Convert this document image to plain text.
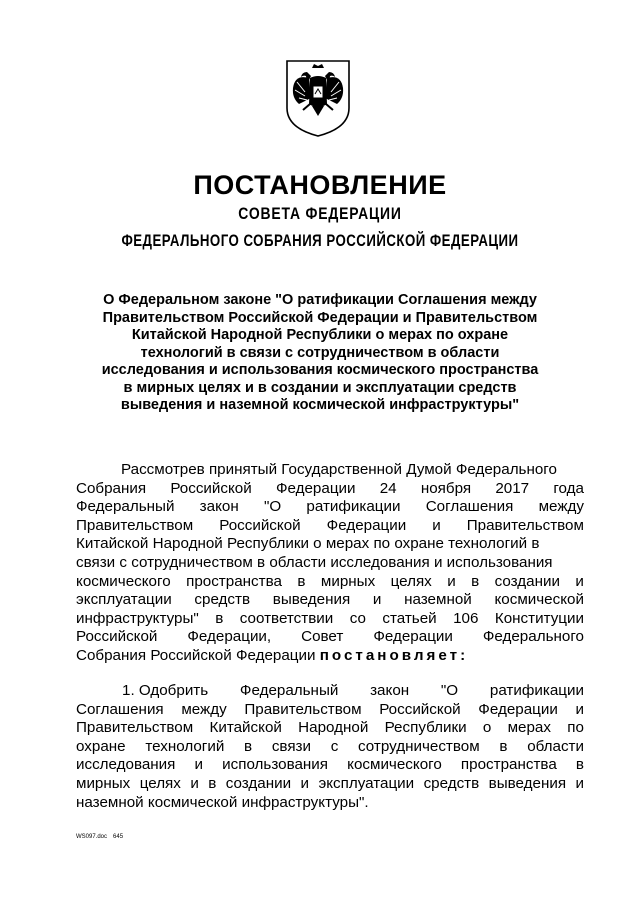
ПОСТАНОВЛЕНИЕ
СОВЕТА ФЕДЕРАЦИИ
ФЕДЕРАЛЬНОГО СОБРАНИЯ РОССИЙСКОЙ ФЕДЕРАЦИИ
О Федеральном законе "О ратификации Соглашения между
Правительством Российской Федерации и Правительством
Китайской Народной Республики о мерах по охране
технологий в связи с сотрудничеством в области
исследования и использования космического пространства
в мирных целях и в создании и эксплуатации средств
выведения и наземной космической инфраструктуры"
Рассмотрев принятый Государственной Думой Федерального
Собрания Российской Федерации 24 ноября 2017 года
Федеральный закон "О ратификации Соглашения между
Правительством Российской Федерации и Правительством
Китайской Народной Республики о мерах по охране технологий в
связи с сотрудничеством в области исследования и использования
космического пространства в мирных целях и в создании и
эксплуатации средств выведения и наземной космической
инфраструктуры" в соответствии со статьей 106 Конституции
Российской Федерации, Совет Федерации Федерального
Собрания Российской Федерации постановляет:
1. Одобрить Федеральный закон "О ратификации
Соглашения между Правительством Российской Федерации и
Правительством Китайской Народной Республики о мерах по
охране технологий в связи с сотрудничеством в области
исследования и использования космического пространства в
мирных целях и в создании и эксплуатации средств выведения и
наземной космической инфраструктуры".
WS097.doc 645
